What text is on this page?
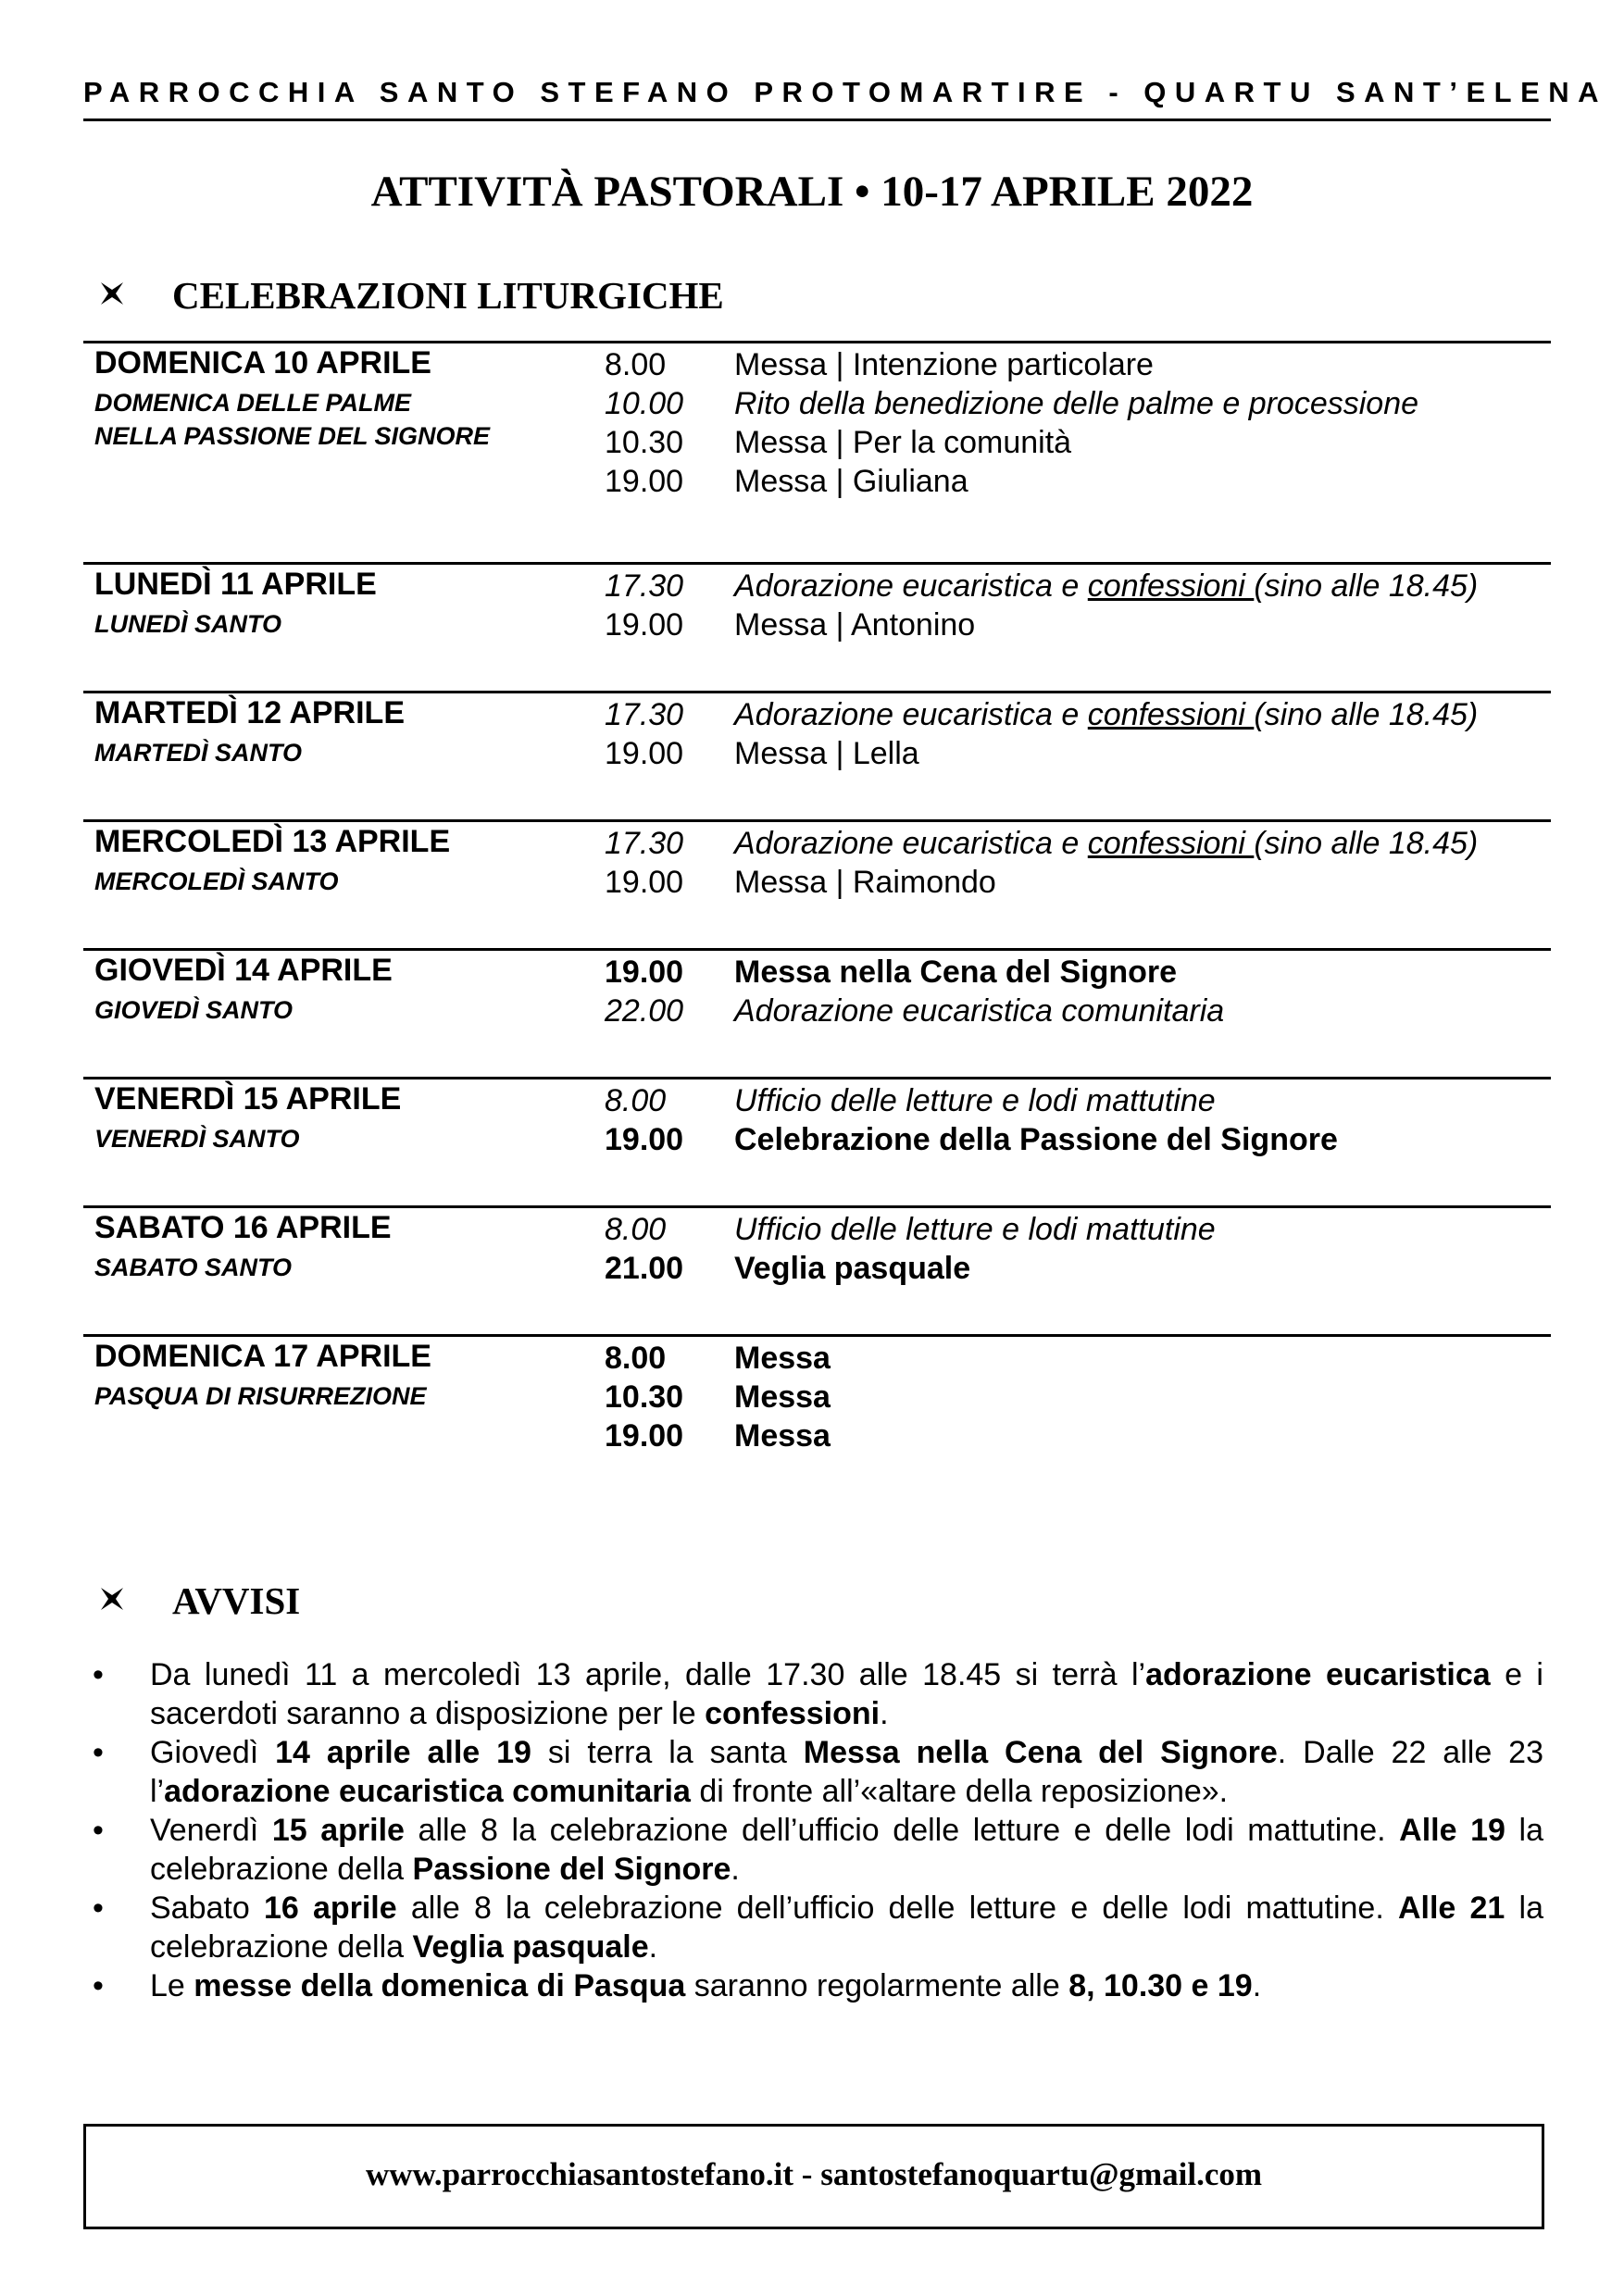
PARROCCHIA SANTO STEFANO PROTOMARTIRE - QUARTU SANT’ELENA
ATTIVITÀ PASTORALI • 10-17 APRILE 2022
CELEBRAZIONI LITURGICHE
DOMENICA 10 APRILE
DOMENICA DELLE PALME
NELLA PASSIONE DEL SIGNORE
8.00 Messa | Intenzione particolare
10.00 Rito della benedizione delle palme e processione
10.30 Messa | Per la comunità
19.00 Messa | Giuliana
LUNEDÌ 11 APRILE
LUNEDÌ SANTO
17.30 Adorazione eucaristica e confessioni (sino alle 18.45)
19.00 Messa | Antonino
MARTEDÌ 12 APRILE
MARTEDÌ SANTO
17.30 Adorazione eucaristica e confessioni (sino alle 18.45)
19.00 Messa | Lella
MERCOLEDÌ 13 APRILE
MERCOLEDÌ SANTO
17.30 Adorazione eucaristica e confessioni (sino alle 18.45)
19.00 Messa | Raimondo
GIOVEDÌ 14 APRILE
GIOVEDÌ SANTO
19.00 Messa nella Cena del Signore
22.00 Adorazione eucaristica comunitaria
VENERDÌ 15 APRILE
VENERDÌ SANTO
8.00 Ufficio delle letture e lodi mattutine
19.00 Celebrazione della Passione del Signore
SABATO 16 APRILE
SABATO SANTO
8.00 Ufficio delle letture e lodi mattutine
21.00 Veglia pasquale
DOMENICA 17 APRILE
PASQUA DI RISURREZIONE
8.00 Messa
10.30 Messa
19.00 Messa
AVVISI
• Da lunedì 11 a mercoledì 13 aprile, dalle 17.30 alle 18.45 si terrà l’adorazione eucaristica e i sacerdoti saranno a disposizione per le confessioni.
• Giovedì 14 aprile alle 19 si terra la santa Messa nella Cena del Signore. Dalle 22 alle 23 l’adorazione eucaristica comunitaria di fronte all’«altare della reposizione».
• Venerdì 15 aprile alle 8 la celebrazione dell’ufficio delle letture e delle lodi mattutine. Alle 19 la celebrazione della Passione del Signore.
• Sabato 16 aprile alle 8 la celebrazione dell’ufficio delle letture e delle lodi mattutine. Alle 21 la celebrazione della Veglia pasquale.
• Le messe della domenica di Pasqua saranno regolarmente alle 8, 10.30 e 19.
www.parrocchiasantostefano.it - santostefanoquartu@gmail.com
